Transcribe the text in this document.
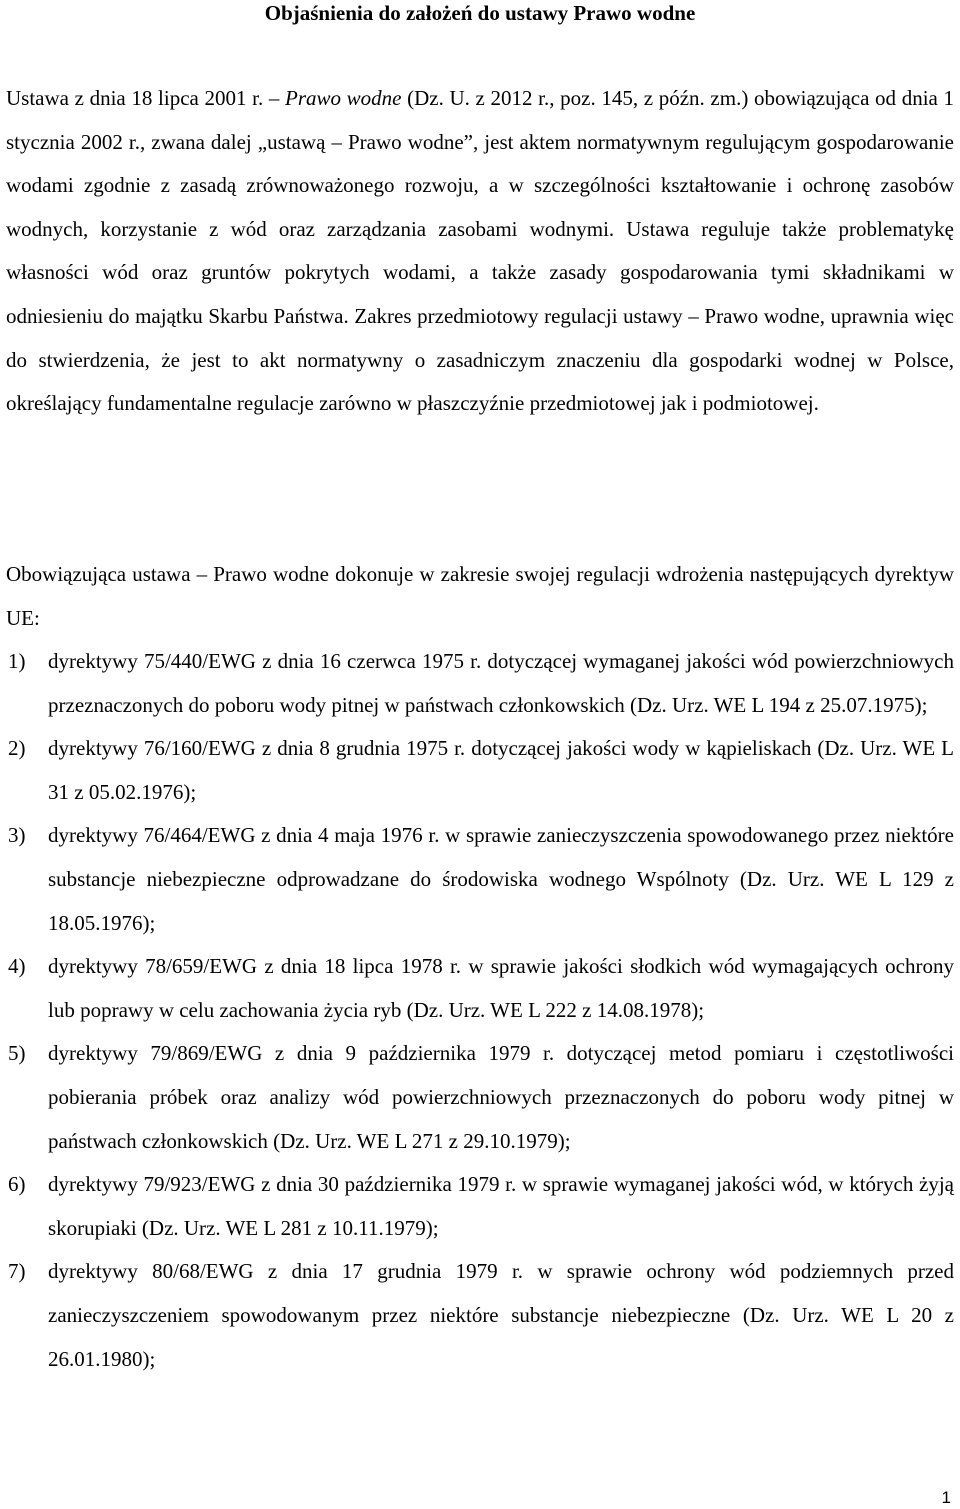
Objaśnienia do założeń do ustawy Prawo wodne

Ustawa z dnia 18 lipca 2001 r. – Prawo wodne (Dz. U. z 2012 r., poz. 145, z późn. zm.) obowiązująca od dnia 1 stycznia 2002 r., zwana dalej „ustawą – Prawo wodne”, jest aktem normatywnym regulującym gospodarowanie wodami zgodnie z zasadą zrównoważonego rozwoju, a w szczególności kształtowanie i ochronę zasobów wodnych, korzystanie z wód oraz zarządzania zasobami wodnymi. Ustawa reguluje także problematykę własności wód oraz gruntów pokrytych wodami, a także zasady gospodarowania tymi składnikami w odniesieniu do majątku Skarbu Państwa. Zakres przedmiotowy regulacji ustawy – Prawo wodne, uprawnia więc do stwierdzenia, że jest to akt normatywny o zasadniczym znaczeniu dla gospodarki wodnej w Polsce, określający fundamentalne regulacje zarówno w płaszczyźnie przedmiotowej jak i podmiotowej.

Obowiązująca ustawa – Prawo wodne dokonuje w zakresie swojej regulacji wdrożenia następujących dyrektyw UE:

1) dyrektywy 75/440/EWG z dnia 16 czerwca 1975 r. dotyczącej wymaganej jakości wód powierzchniowych przeznaczonych do poboru wody pitnej w państwach członkowskich (Dz. Urz. WE L 194 z 25.07.1975);
2) dyrektywy 76/160/EWG z dnia 8 grudnia 1975 r. dotyczącej jakości wody w kąpieliskach (Dz. Urz. WE L 31 z 05.02.1976);
3) dyrektywy 76/464/EWG z dnia 4 maja 1976 r. w sprawie zanieczyszczenia spowodowanego przez niektóre substancje niebezpieczne odprowadzane do środowiska wodnego Wspólnoty (Dz. Urz. WE L 129 z 18.05.1976);
4) dyrektywy 78/659/EWG z dnia 18 lipca 1978 r. w sprawie jakości słodkich wód wymagających ochrony lub poprawy w celu zachowania życia ryb (Dz. Urz. WE L 222 z 14.08.1978);
5) dyrektywy 79/869/EWG z dnia 9 października 1979 r. dotyczącej metod pomiaru i częstotliwości pobierania próbek oraz analizy wód powierzchniowych przeznaczonych do poboru wody pitnej w państwach członkowskich (Dz. Urz. WE L 271 z 29.10.1979);
6) dyrektywy 79/923/EWG z dnia 30 października 1979 r. w sprawie wymaganej jakości wód, w których żyją skorupiaki (Dz. Urz. WE L 281 z 10.11.1979);
7) dyrektywy 80/68/EWG z dnia 17 grudnia 1979 r. w sprawie ochrony wód podziemnych przed zanieczyszczeniem spowodowanym przez niektóre substancje niebezpieczne (Dz. Urz. WE L 20 z 26.01.1980);
1
